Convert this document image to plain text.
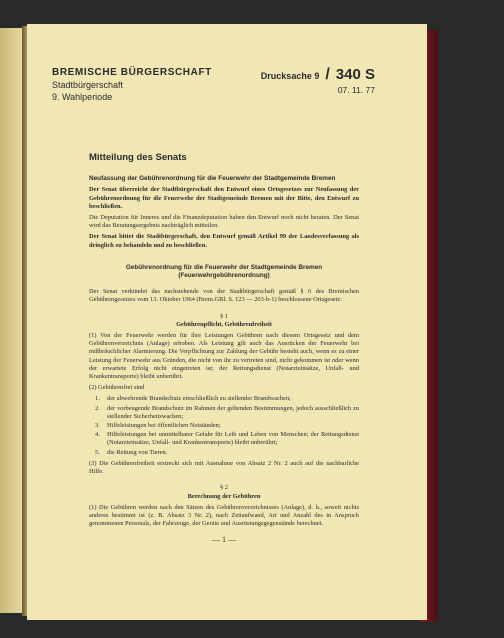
BREMISCHE BÜRGERSCHAFT
Stadtbürgerschaft
9. Wahlperiode
Drucksache 9 / 340 S
07. 11. 77
Mitteilung des Senats

Neufassung der Gebührenordnung für die Feuerwehr der Stadtgemeinde Bremen

Der Senat überreicht der Stadtbürgerschaft den Entwurf eines Ortsgesetzes zur Neufassung der Gebührenordnung für die Feuerwehr der Stadtgemeinde Bremen mit der Bitte, den Entwurf zu beschließen.

Die Deputation für Inneres und die Finanzdeputation haben den Entwurf noch nicht beraten. Der Senat wird das Beratungsergebnis nachträglich mitteilen.

Der Senat bittet die Stadtbürgerschaft, den Entwurf gemäß Artikel 99 der Landesverfassung als dringlich zu behandeln und zu beschließen.

Gebührenordnung für die Feuerwehr der Stadtgemeinde Bremen
(Feuerwehrgebührenordnung)

Der Senat verkündet das nachstehende von der Stadtbürgerschaft gemäß § 6 des Bremischen Gebührengesetzes vom 13. Oktober 1964 (Brem.GBl. S. 123 — 203-b-1) beschlossene Ortsgesetz:

§ 1
Gebührenpflicht, Gebührenfreiheit

(1) Von der Feuerwehr werden für ihre Leistungen Gebühren nach diesem Ortsgesetz und dem Gebührenverzeichnis (Anlage) erhoben. Als Leistung gilt auch das Ausrücken der Feuerwehr bei mißbräuchlicher Alarmierung. Die Verpflichtung zur Zahlung der Gebühr besteht auch, wenn es zu einer Leistung der Feuerwehr aus Gründen, die nicht von ihr zu vertreten sind, nicht gekommen ist oder wenn der erwartete Erfolg nicht eingetreten ist; der Rettungsdienst (Notarzteinsätze, Unfall- und Krankentransporte) bleibt unberührt.

(2) Gebührenfrei sind

1.	der abwehrende Brandschutz einschließlich zu stellender Brandwachen;
2.	der vorbeugende Brandschutz im Rahmen der geltenden Bestimmungen, jedoch ausschließlich zu stellender Sicherheitswachen;
3.	Hilfeleistungen bei öffentlichen Notständen;
4.	Hilfeleistungen bei unmittelbarer Gefahr für Leib und Leben von Menschen; der Rettungsdienst (Notarzteinsätze, Unfall- und Krankentransporte) bleibt unberührt;
5.	die Rettung von Tieren.

(3) Die Gebührenfreiheit erstreckt sich mit Ausnahme von Absatz 2 Nr. 2 auch auf die nachbarliche Hilfe.

§ 2
Berechnung der Gebühren

(1) Die Gebühren werden nach den Sätzen des Gebührenverzeichnisses (Anlage), d. h., soweit nichts anderes bestimmt ist (z. B. Absatz 3 Nr. 2), nach Zeitaufwand, Art und Anzahl des in Anspruch genommenen Personals, der Fahrzeuge, der Geräte und Ausrüstungsgegenstände berechnet.

— 1 —
